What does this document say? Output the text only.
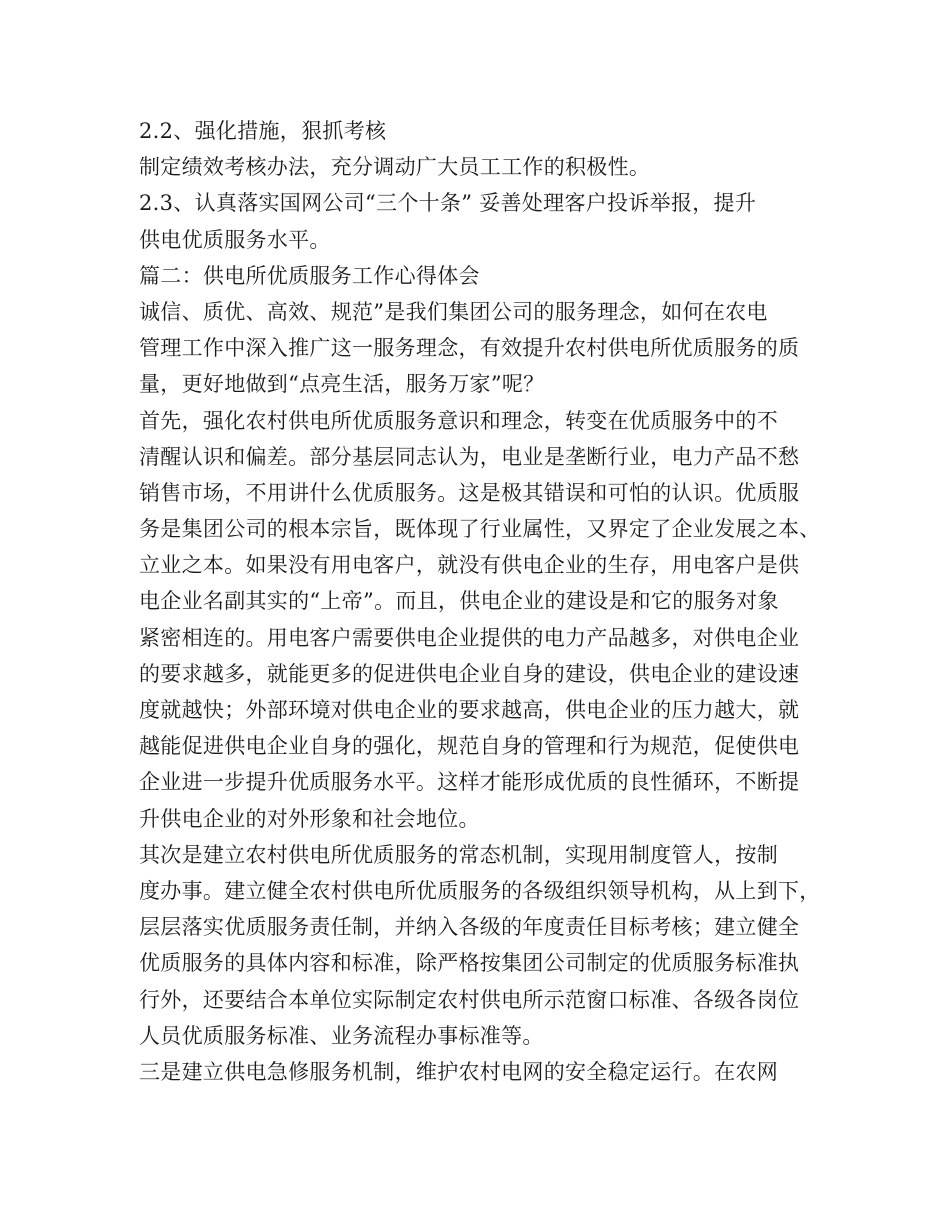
2.2、强化措施，狠抓考核
制定绩效考核办法，充分调动广大员工工作的积极性。
2.3、认真落实国网公司“三个十条” 妥善处理客户投诉举报，提升
供电优质服务水平。
篇二：供电所优质服务工作心得体会
诚信、质优、高效、规范”是我们集团公司的服务理念，如何在农电
管理工作中深入推广这一服务理念，有效提升农村供电所优质服务的质
量，更好地做到“点亮生活，服务万家”呢？
首先，强化农村供电所优质服务意识和理念，转变在优质服务中的不
清醒认识和偏差。部分基层同志认为，电业是垄断行业，电力产品不愁
销售市场，不用讲什么优质服务。这是极其错误和可怕的认识。优质服
务是集团公司的根本宗旨，既体现了行业属性，又界定了企业发展之本、
立业之本。如果没有用电客户，就没有供电企业的生存，用电客户是供
电企业名副其实的“上帝”。而且，供电企业的建设是和它的服务对象
紧密相连的。用电客户需要供电企业提供的电力产品越多，对供电企业
的要求越多，就能更多的促进供电企业自身的建设，供电企业的建设速
度就越快；外部环境对供电企业的要求越高，供电企业的压力越大，就
越能促进供电企业自身的强化，规范自身的管理和行为规范，促使供电
企业进一步提升优质服务水平。这样才能形成优质的良性循环，不断提
升供电企业的对外形象和社会地位。
其次是建立农村供电所优质服务的常态机制，实现用制度管人，按制
度办事。建立健全农村供电所优质服务的各级组织领导机构，从上到下，
层层落实优质服务责任制，并纳入各级的年度责任目标考核；建立健全
优质服务的具体内容和标准，除严格按集团公司制定的优质服务标准执
行外，还要结合本单位实际制定农村供电所示范窗口标准、各级各岗位
人员优质服务标准、业务流程办事标准等。
三是建立供电急修服务机制，维护农村电网的安全稳定运行。在农网
